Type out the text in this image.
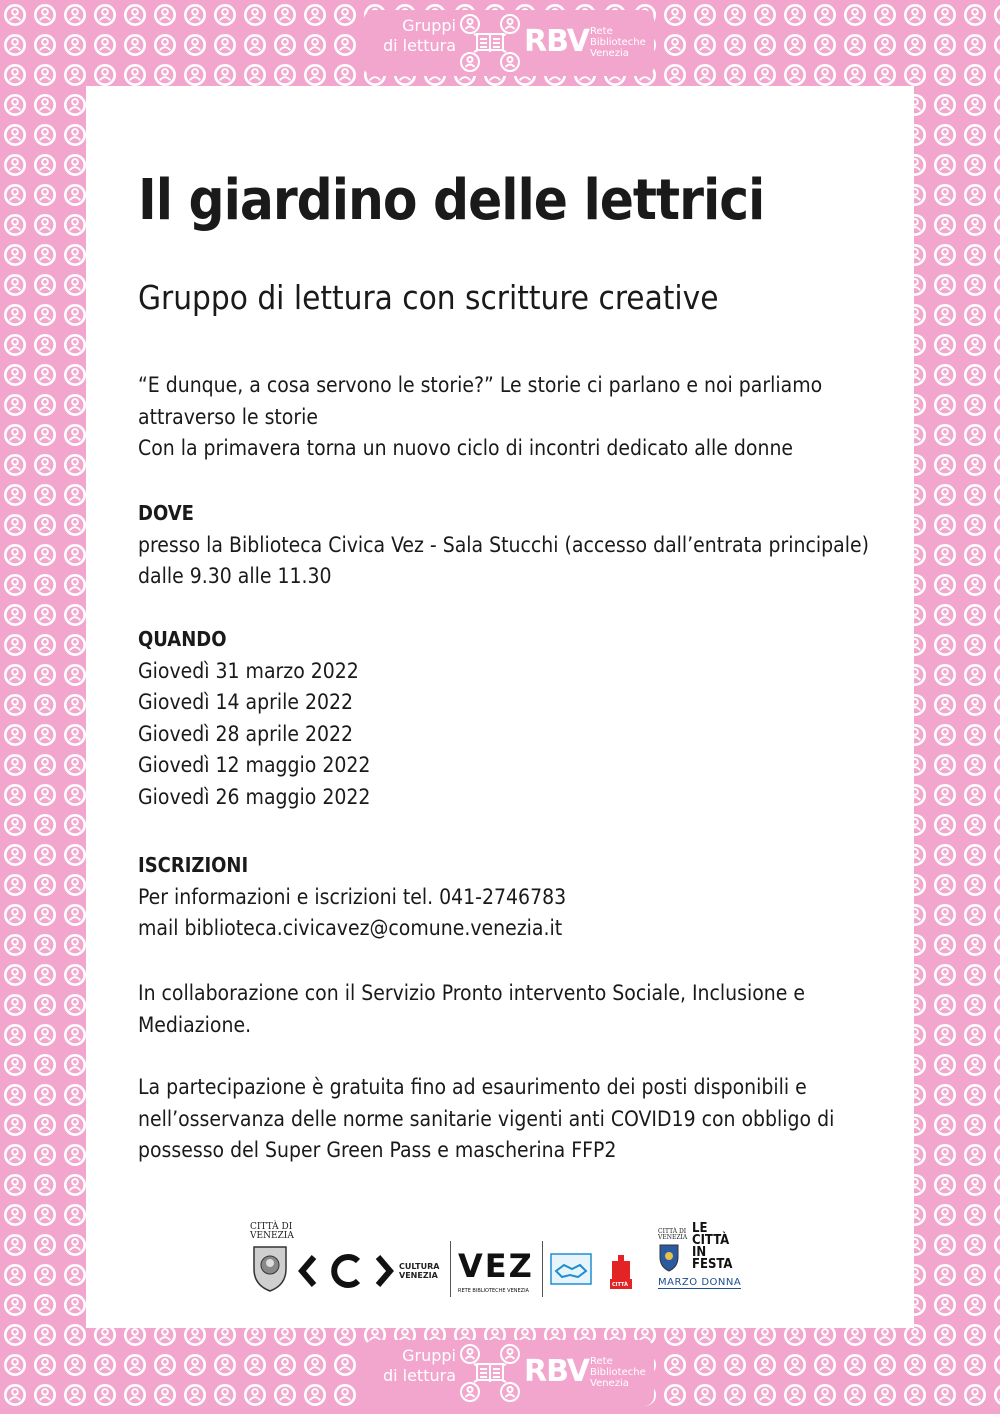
Gruppi
di lettura RBV Rete
Biblioteche
Venezia
Il giardino delle lettrici
Gruppo di lettura con scritture creative

“E dunque, a cosa servono le storie?” Le storie ci parlano e noi parliamo attraverso le storie

Con la primavera torna un nuovo ciclo di incontri dedicato alle donne

DOVE

presso la Biblioteca Civica Vez - Sala Stucchi (accesso dall’entrata principale)

dalle 9.30 alle 11.30

QUANDO

Giovedì 31 marzo 2022

Giovedì 14 aprile 2022

Giovedì 28 aprile 2022

Giovedì 12 maggio 2022

Giovedì 26 maggio 2022

ISCRIZIONI

Per informazioni e iscrizioni tel. 041-2746783

mail biblioteca.civicavez@comune.venezia.it

In collaborazione con il Servizio Pronto intervento Sociale, Inclusione e Mediazione.

La partecipazione è gratuita fino ad esaurimento dei posti disponibili e nell’osservanza delle norme sanitarie vigenti anti COVID19 con obbligo di possesso del Super Green Pass e mascherina FFP2

CITTÀ DI
VENEZIA
CULTURA
VENEZIA VEZ
RETE BIBLIOTECHE VENEZIA
CITTÀ
CITTÀ DI
VENEZIA
LE
CITTÀ
IN
FESTA
MARZO DONNA
Gruppi
di lettura RBV Rete
Biblioteche
Venezia
